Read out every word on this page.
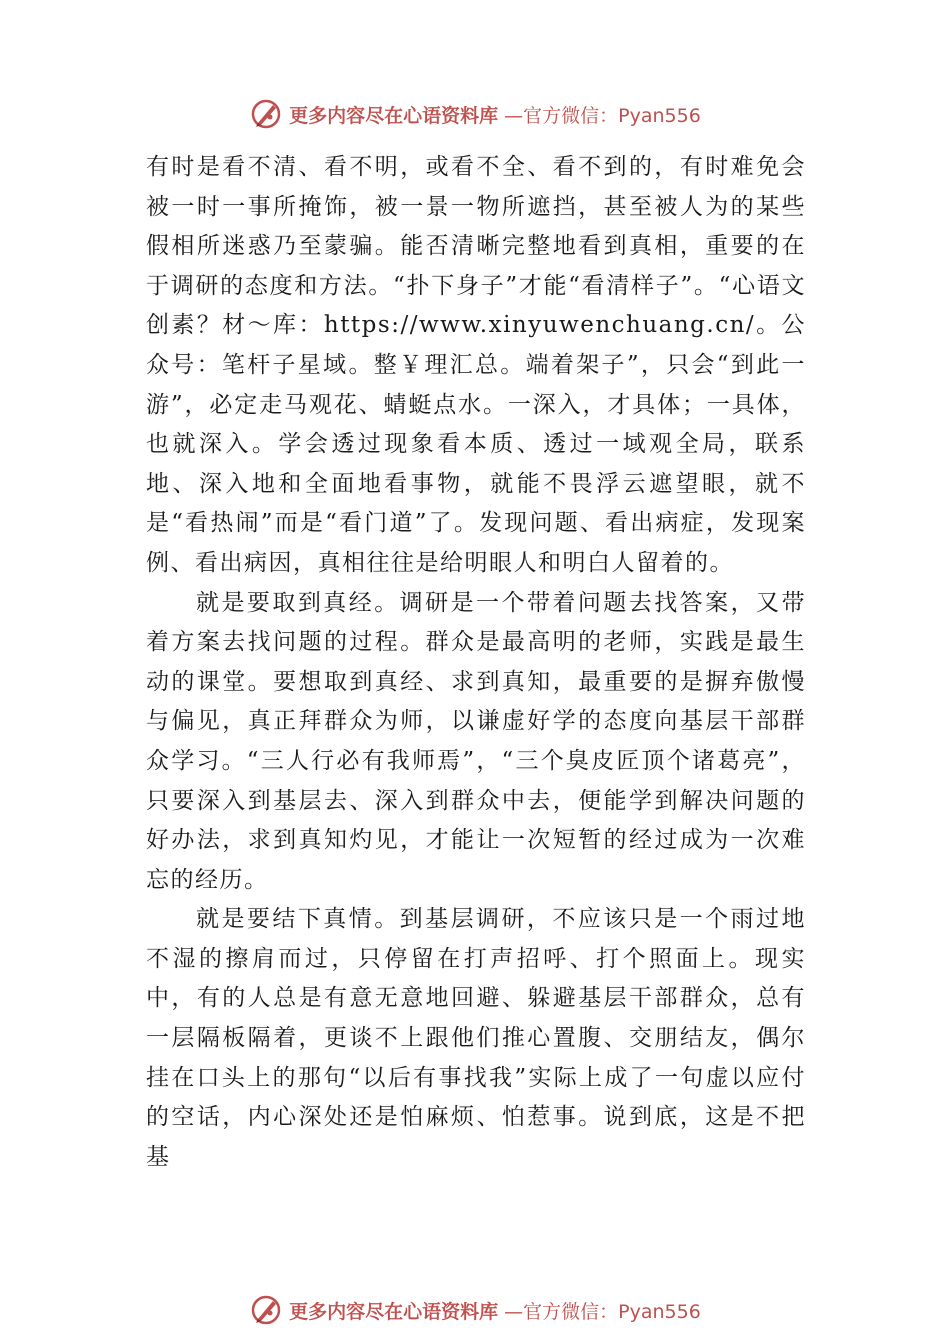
更多内容尽在心语资料库 —官方微信：Pyan556

有时是看不清、看不明，或看不全、看不到的，有时难免会被一时一事所掩饰，被一景一物所遮挡，甚至被人为的某些假相所迷惑乃至蒙骗。能否清晰完整地看到真相，重要的在于调研的态度和方法。“扑下身子”才能“看清样子”。“心语文创素？材～库：https://www.xinyuwenchuang.cn/。公众号：笔杆子星域。整￥理汇总。端着架子”，只会“到此一游”，必定走马观花、蜻蜓点水。一深入，才具体；一具体，也就深入。学会透过现象看本质、透过一域观全局，联系地、深入地和全面地看事物，就能不畏浮云遮望眼，就不是“看热闹”而是“看门道”了。发现问题、看出病症，发现案例、看出病因，真相往往是给明眼人和明白人留着的。

就是要取到真经。调研是一个带着问题去找答案，又带着方案去找问题的过程。群众是最高明的老师，实践是最生动的课堂。要想取到真经、求到真知，最重要的是摒弃傲慢与偏见，真正拜群众为师，以谦虚好学的态度向基层干部群众学习。“三人行必有我师焉”，“三个臭皮匠顶个诸葛亮”，只要深入到基层去、深入到群众中去，便能学到解决问题的好办法，求到真知灼见，才能让一次短暂的经过成为一次难忘的经历。

就是要结下真情。到基层调研，不应该只是一个雨过地不湿的擦肩而过，只停留在打声招呼、打个照面上。现实中，有的人总是有意无意地回避、躲避基层干部群众，总有一层隔板隔着，更谈不上跟他们推心置腹、交朋结友，偶尔挂在口头上的那句“以后有事找我”实际上成了一句虚以应付的空话，内心深处还是怕麻烦、怕惹事。说到底，这是不把基

更多内容尽在心语资料库 —官方微信：Pyan556
